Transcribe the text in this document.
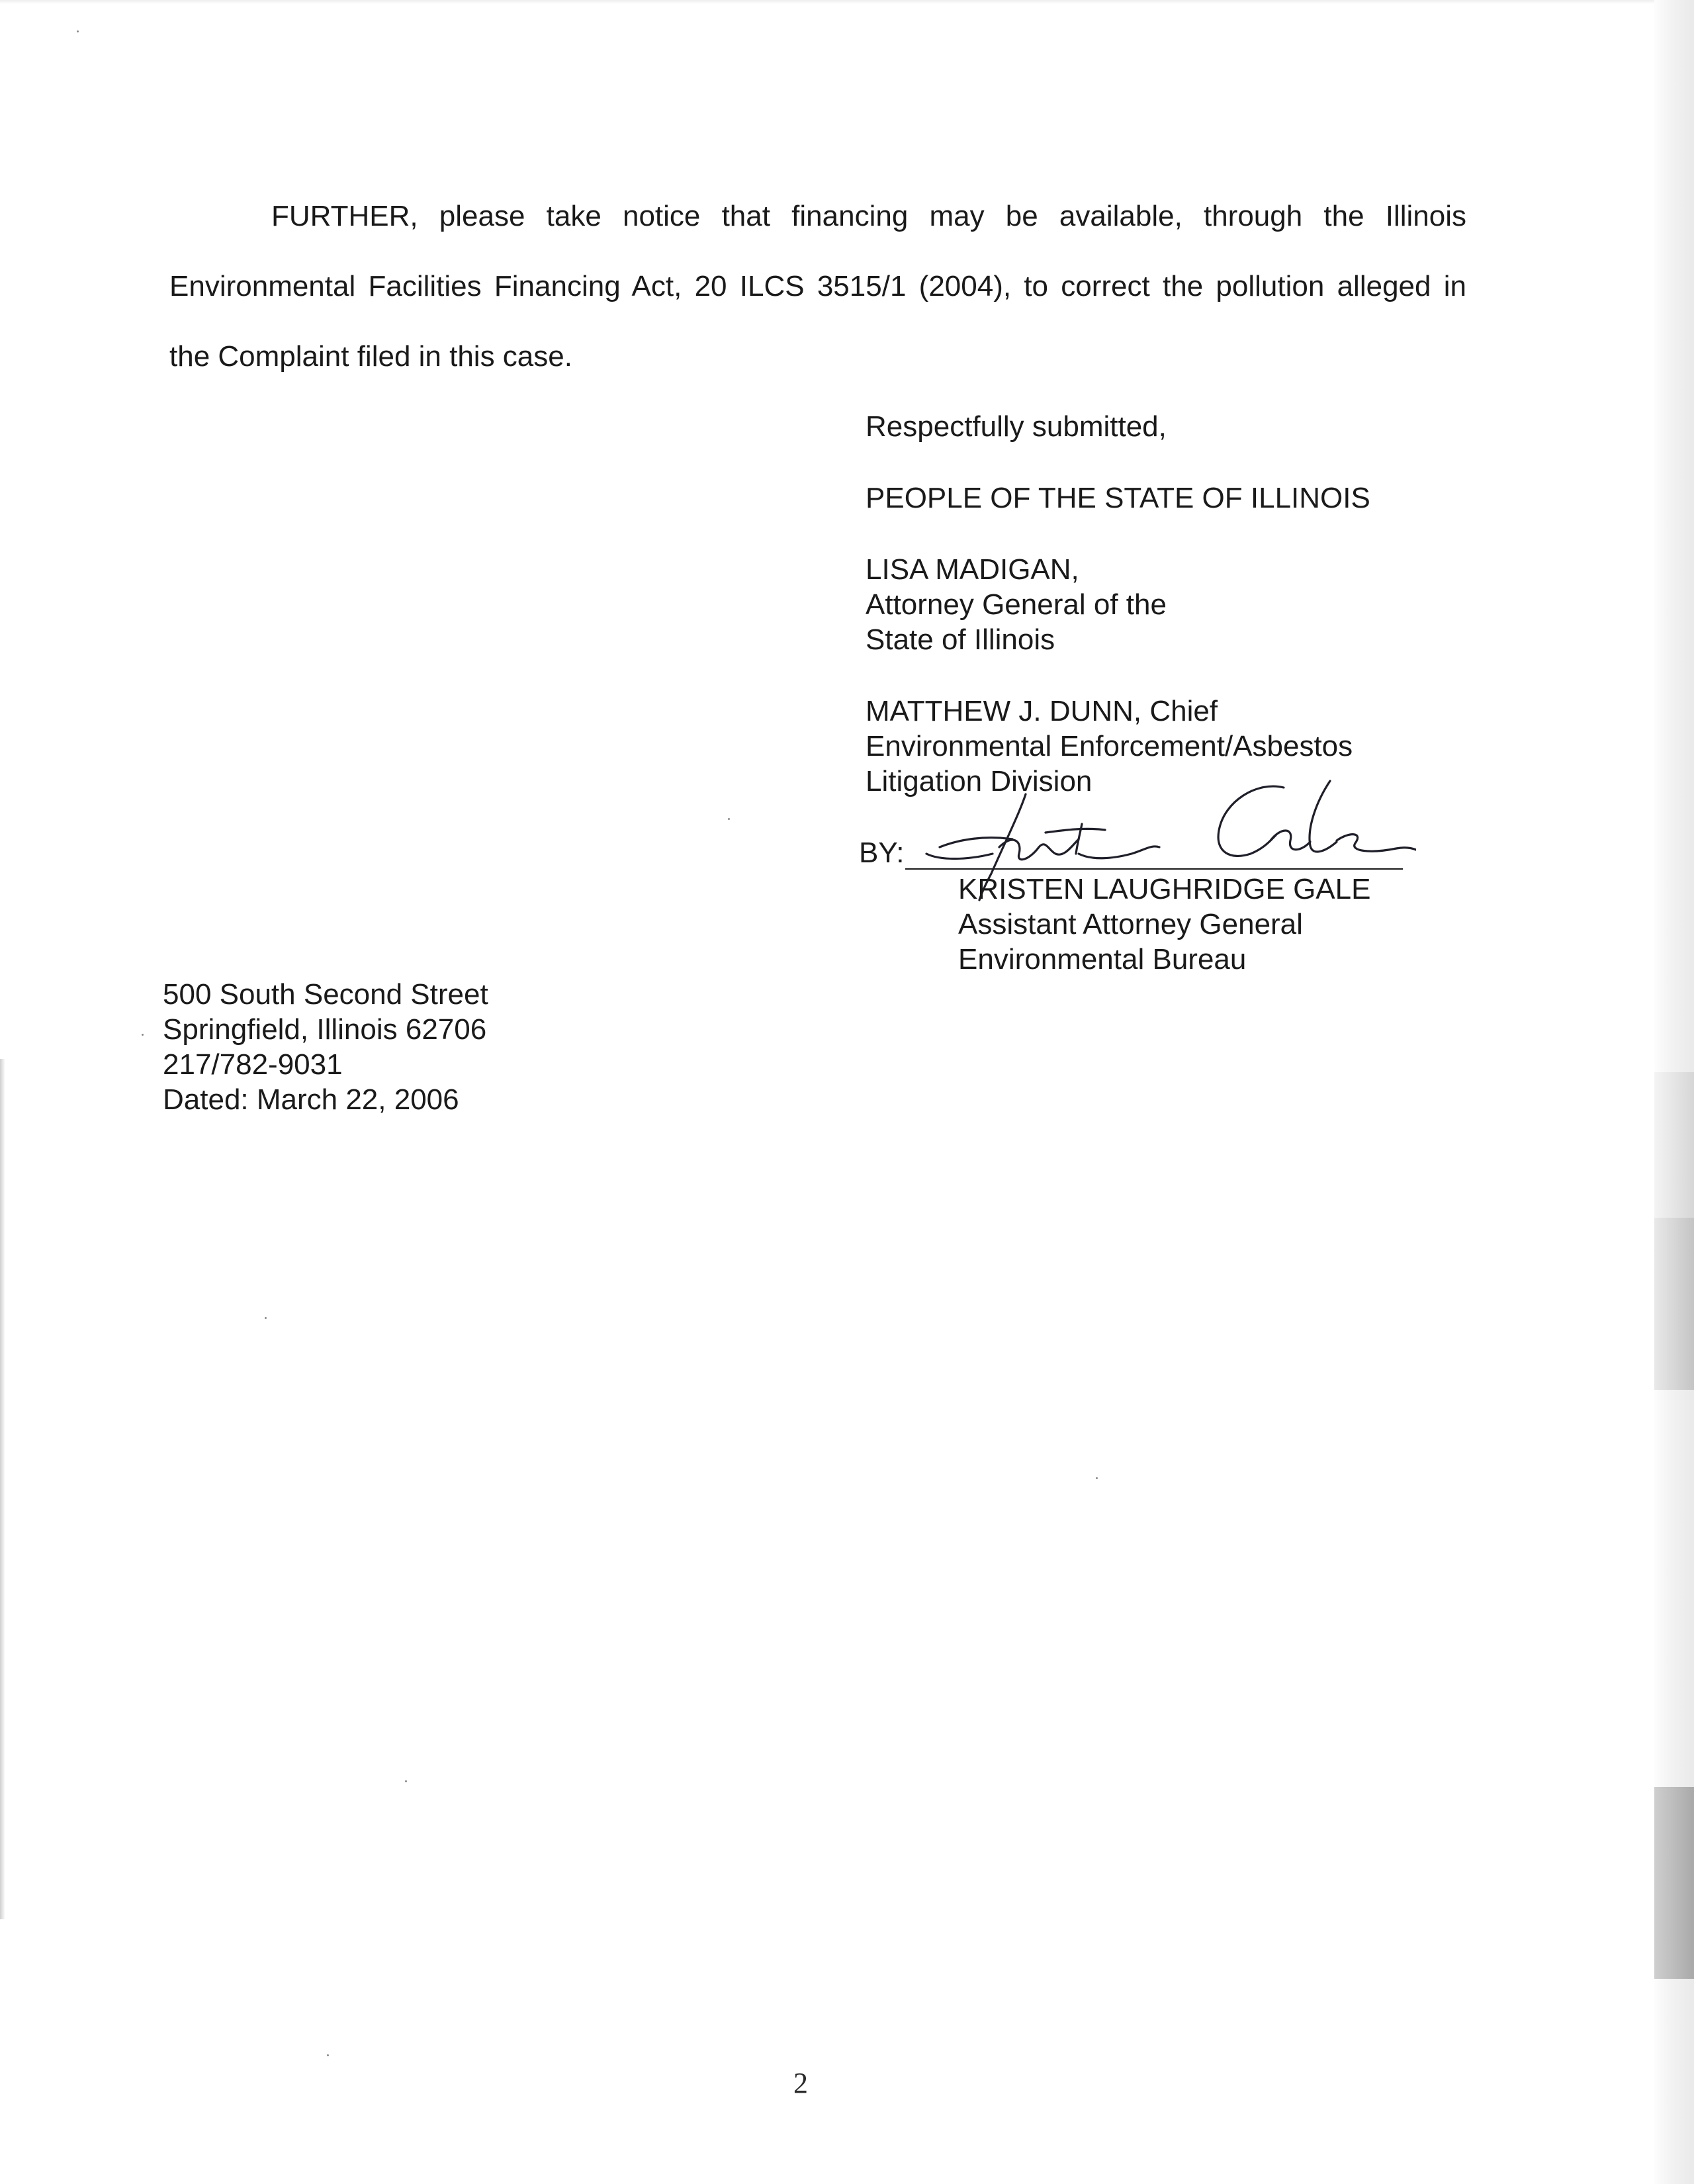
FURTHER, please take notice that financing may be available, through the Illinois
Environmental Facilities Financing Act, 20 ILCS 3515/1 (2004), to correct the pollution alleged in
the Complaint filed in this case.
Respectfully submitted,
PEOPLE OF THE STATE OF ILLINOIS
LISA MADIGAN,
Attorney General of the
State of Illinois
MATTHEW J. DUNN, Chief
Environmental Enforcement/Asbestos
Litigation Division
BY:
KRISTEN LAUGHRIDGE GALE
Assistant Attorney General
Environmental Bureau
500 South Second Street
Springfield, Illinois 62706
217/782-9031
Dated: March 22, 2006
2
